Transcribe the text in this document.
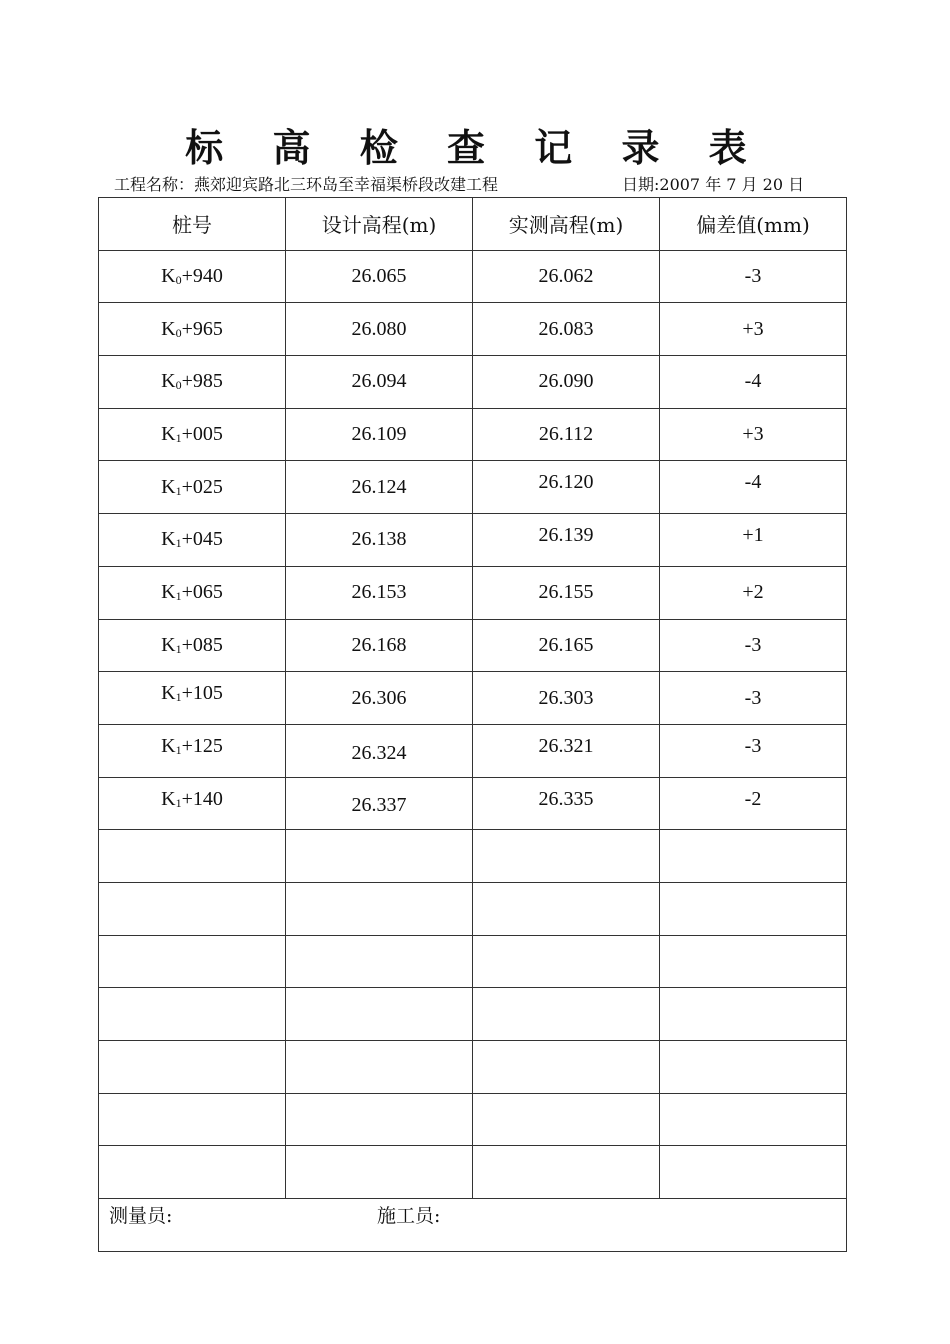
标 高 检 查 记 录 表
工程名称：燕郊迎宾路北三环岛至幸福渠桥段改建工程	日期:2007 年 7 月 20 日
桩号	设计高程(m)	实测高程(m)	偏差值(mm)
K0+940	26.065	26.062	-3
K0+965	26.080	26.083	+3
K0+985	26.094	26.090	-4
K1+005	26.109	26.112	+3
K1+025	26.124	26.120	-4
K1+045	26.138	26.139	+1
K1+065	26.153	26.155	+2
K1+085	26.168	26.165	-3
K1+105	26.306	26.303	-3
K1+125	26.324	26.321	-3
K1+140	26.337	26.335	-2

测量员: 施工员:			
